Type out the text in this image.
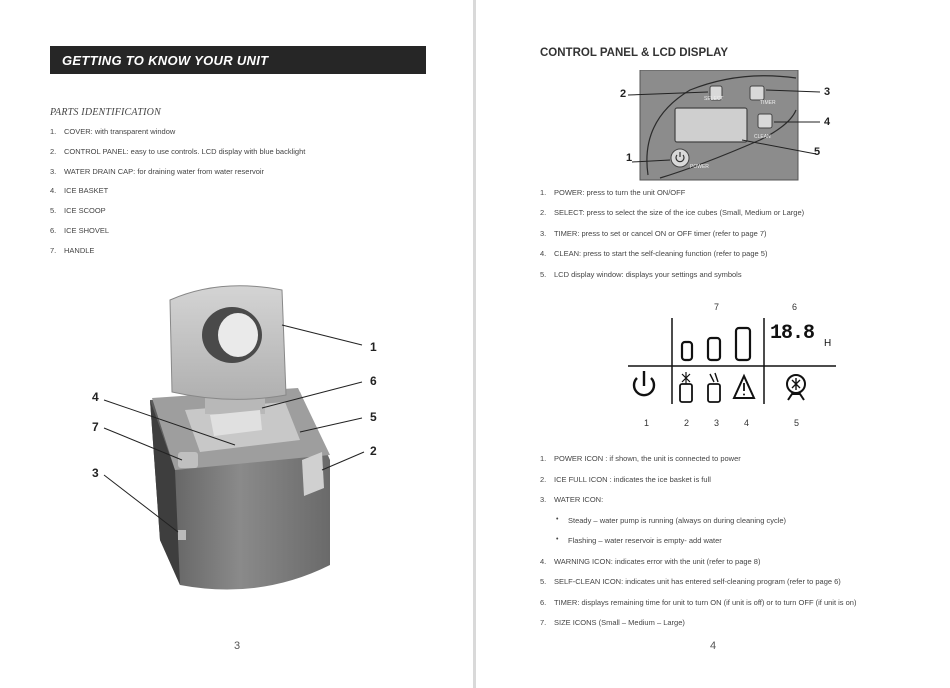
GETTING TO KNOW YOUR UNIT
PARTS IDENTIFICATION
1. COVER: with transparent window
2. CONTROL PANEL: easy to use controls. LCD display with blue backlight
3. WATER DRAIN CAP: for draining water from water reservoir
4. ICE BASKET
5. ICE SCOOP
6. ICE SHOVEL
7. HANDLE
1
6
5
2
4
7
3
3
CONTROL PANEL & LCD DISPLAY
SELECT
TIMER
CLEAN
POWER
2	3
4
1	5
1. POWER: press to turn the unit ON/OFF
2. SELECT: press to select the size of the ice cubes (Small, Medium or Large)
3. TIMER: press to set or cancel ON or OFF timer (refer to page 7)
4. CLEAN: press to start the self-cleaning function (refer to page 5)
5. LCD display window: displays your settings and symbols
7	6
18.8 H
1	2	3	4	5
1. POWER ICON : if shown, the unit is connected to power
2. ICE FULL ICON : indicates the ice basket is full
3. WATER ICON:
• Steady – water pump is running (always on during cleaning cycle)
• Flashing – water reservoir is empty- add water
4. WARNING ICON: indicates error with the unit (refer to page 8)
5. SELF-CLEAN ICON: indicates unit has entered self-cleaning program (refer to page 6)
6. TIMER: displays remaining time for unit to turn ON (if unit is off) or to turn OFF (if unit is on)
7. SIZE ICONS (Small – Medium – Large)
4
